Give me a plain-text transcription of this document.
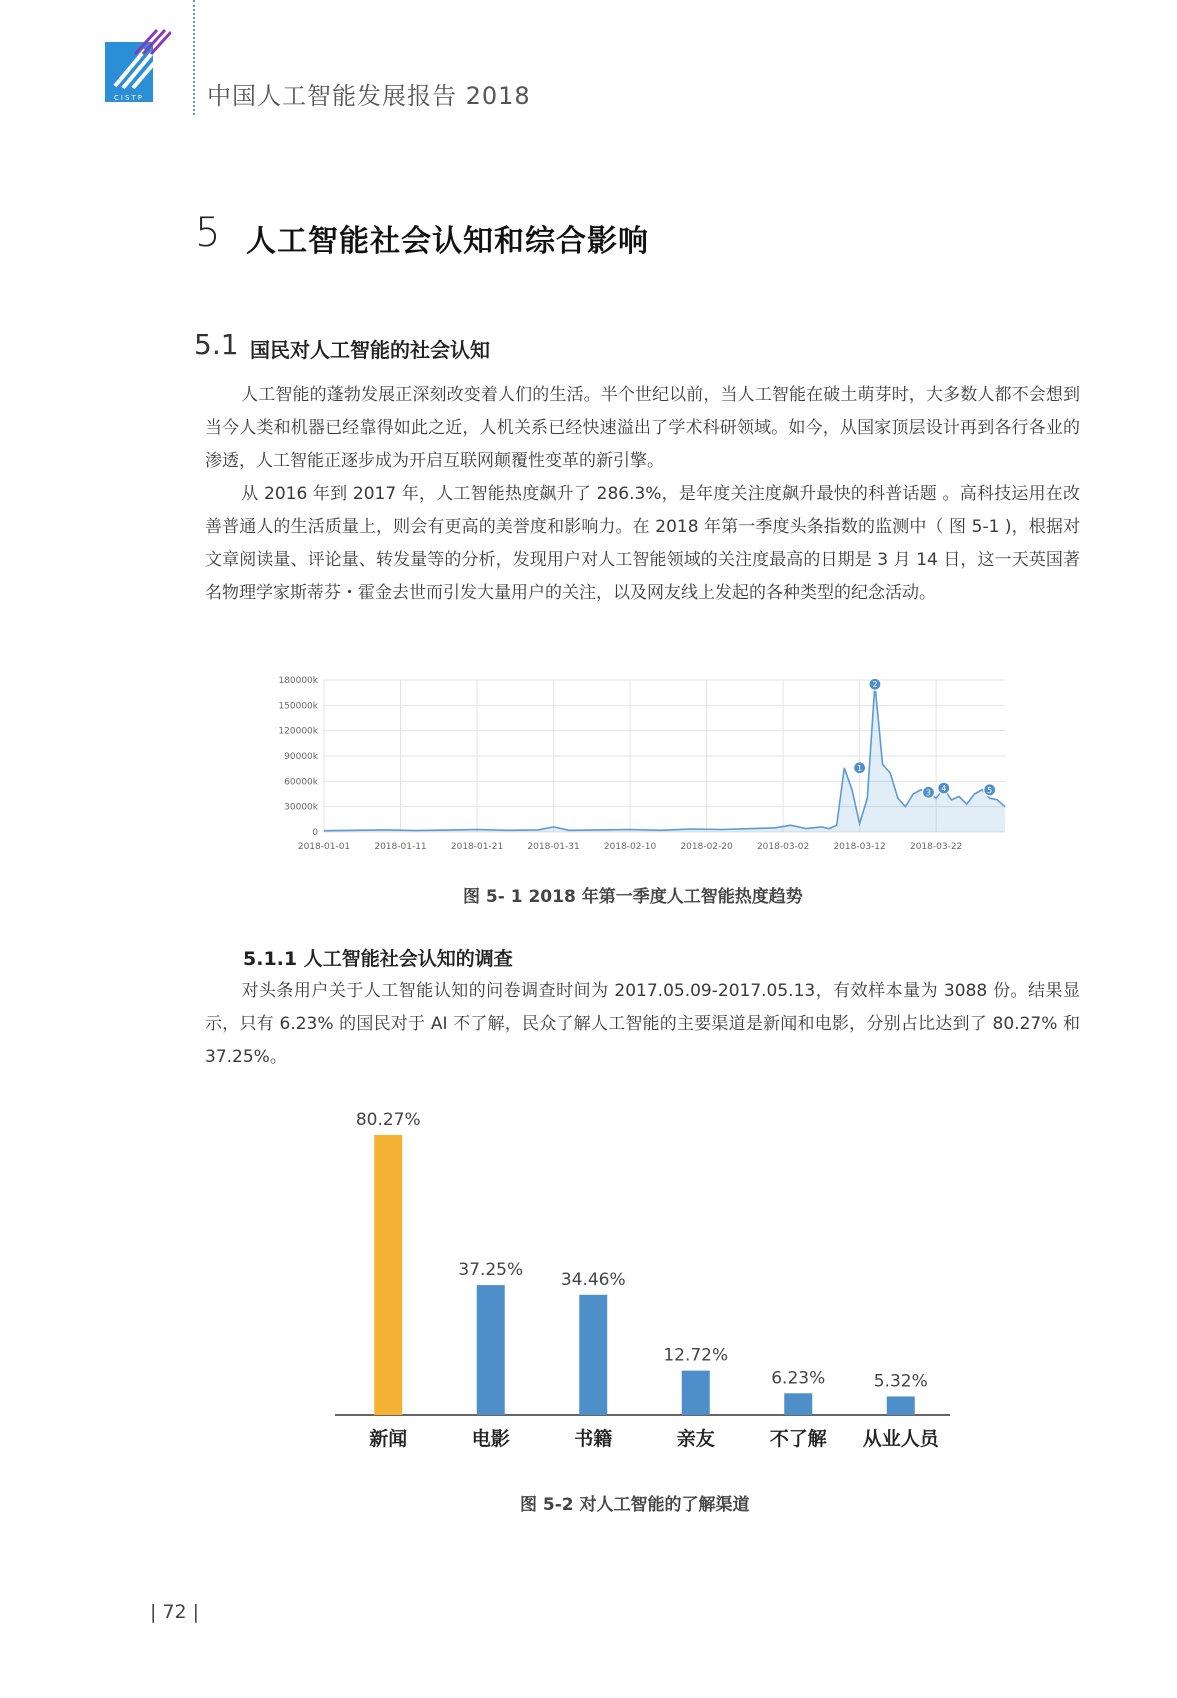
CISTP	中国人工智能发展报告 2018
5 人工智能社会认知和综合影响
5.1 国民对人工智能的社会认知

人工智能的蓬勃发展正深刻改变着人们的生活。半个世纪以前，当人工智能在破土萌芽时，大多数人都不会想到当今人类和机器已经靠得如此之近，人机关系已经快速溢出了学术科研领域。如今，从国家顶层设计再到各行各业的渗透，人工智能正逐步成为开启互联网颠覆性变革的新引擎。

从 2016 年到 2017 年，人工智能热度飙升了 286.3%，是年度关注度飙升最快的科普话题 。高科技运用在改善普通人的生活质量上，则会有更高的美誉度和影响力。在 2018 年第一季度头条指数的监测中（ 图 5-1 )，根据对文章阅读量、评论量、转发量等的分析，发现用户对人工智能领域的关注度最高的日期是 3 月 14 日，这一天英国著名物理学家斯蒂芬・霍金去世而引发大量用户的关注，以及网友线上发起的各种类型的纪念活动。

0
30000k
60000k
90000k
120000k
150000k
180000k
2018-01-01	2018-01-11	2018-01-21	2018-01-31	2018-02-10	2018-02-20	2018-03-02	2018-03-12	2018-03-22
1
2
3 4	5
图 5- 1 2018 年第一季度人工智能热度趋势
5.1.1 人工智能社会认知的调查

对头条用户关于人工智能认知的问卷调查时间为 2017.05.09-2017.05.13，有效样本量为 3088 份。结果显示，只有 6.23% 的国民对于 AI 不了解，民众了解人工智能的主要渠道是新闻和电影，分别占比达到了 80.27% 和 37.25%。

80.27%
新闻
37.25%
电影
34.46%
书籍
12.72%
亲友
6.23%
不了解
5.32%
从业人员
图 5-2 对人工智能的了解渠道
| 72 |
